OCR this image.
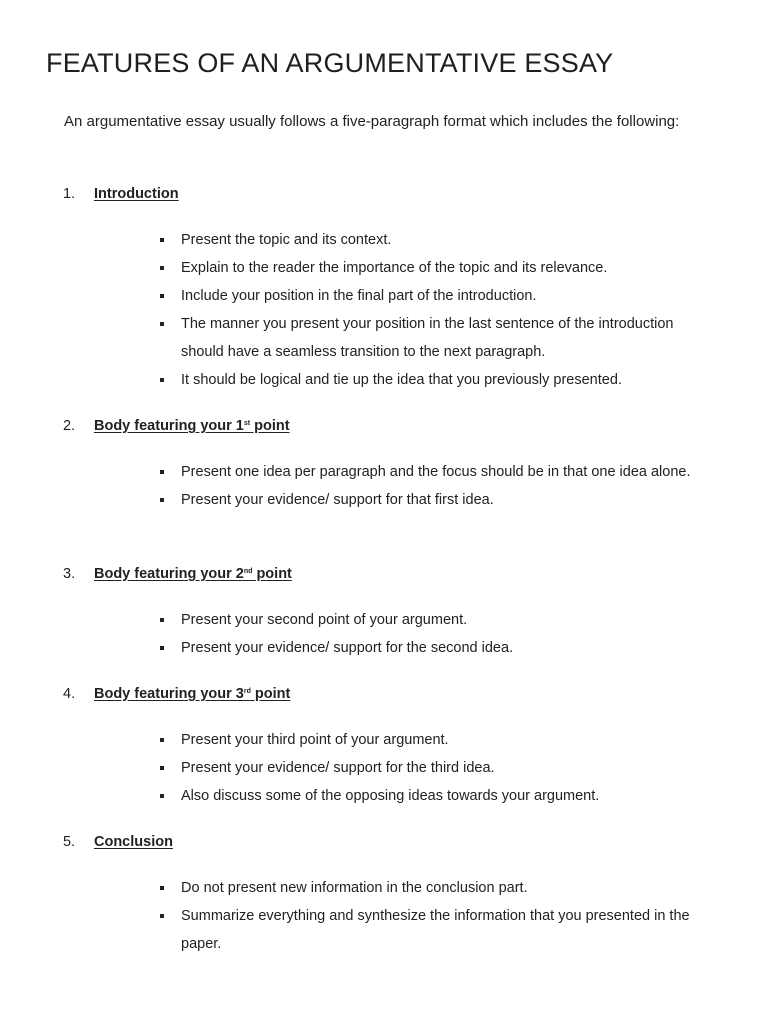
FEATURES OF AN ARGUMENTATIVE ESSAY

An argumentative essay usually follows a five-paragraph format which includes the following:

1. Introduction
Present the topic and its context.
Explain to the reader the importance of the topic and its relevance.
Include your position in the final part of the introduction.
The manner you present your position in the last sentence of the introduction should have a seamless transition to the next paragraph.
It should be logical and tie up the idea that you previously presented.
2. Body featuring your 1st point
Present one idea per paragraph and the focus should be in that one idea alone.
Present your evidence/ support for that first idea.
3. Body featuring your 2nd point
Present your second point of your argument.
Present your evidence/ support for the second idea.
4. Body featuring your 3rd point
Present your third point of your argument.
Present your evidence/ support for the third idea.
Also discuss some of the opposing ideas towards your argument.
5. Conclusion
Do not present new information in the conclusion part.
Summarize everything and synthesize the information that you presented in the paper.
